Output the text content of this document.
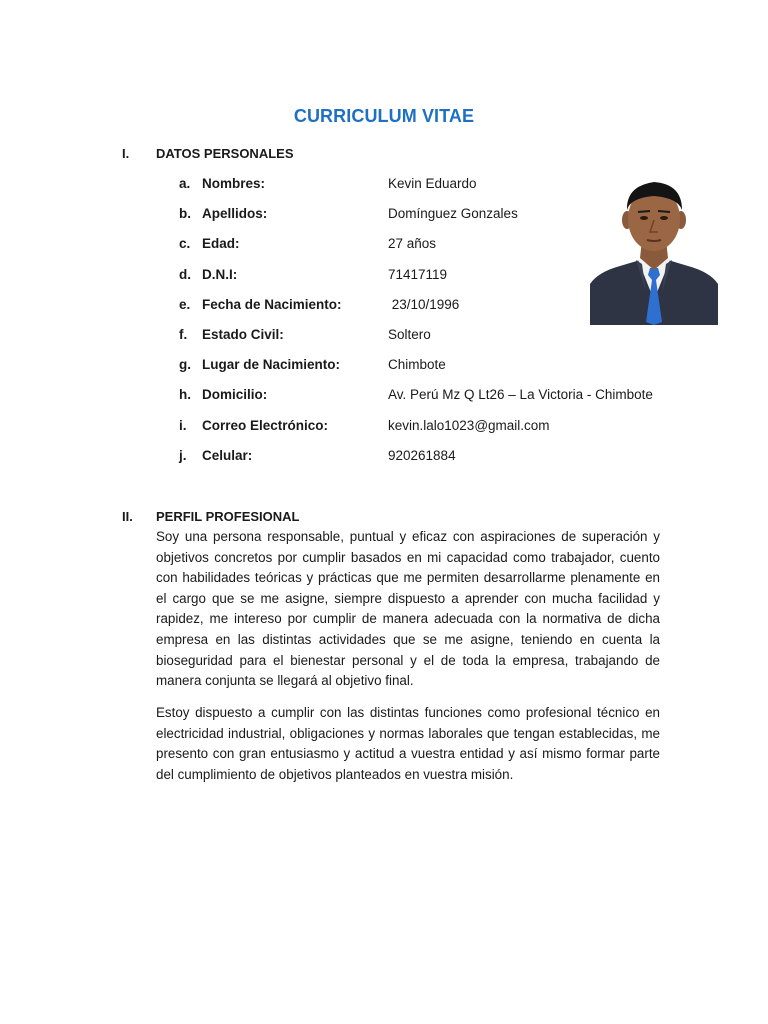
CURRICULUM VITAE
I. DATOS PERSONALES
a. Nombres:	Kevin Eduardo
b. Apellidos:	Domínguez Gonzales
c. Edad:	27 años
d. D.N.I:	71417119
e. Fecha de Nacimiento:	23/10/1996
f. Estado Civil:	Soltero
g. Lugar de Nacimiento:	Chimbote
h. Domicilio:	Av. Perú Mz Q Lt26 – La Victoria - Chimbote
i. Correo Electrónico:	kevin.lalo1023@gmail.com
j. Celular:	920261884
II. PERFIL PROFESIONAL

Soy una persona responsable, puntual y eficaz con aspiraciones de superación y objetivos concretos por cumplir basados en mi capacidad como trabajador, cuento con habilidades teóricas y prácticas que me permiten desarrollarme plenamente en el cargo que se me asigne, siempre dispuesto a aprender con mucha facilidad y rapidez, me intereso por cumplir de manera adecuada con la normativa de dicha empresa en las distintas actividades que se me asigne, teniendo en cuenta la bioseguridad para el bienestar personal y el de toda la empresa, trabajando de manera conjunta se llegará al objetivo final.

Estoy dispuesto a cumplir con las distintas funciones como profesional técnico en electricidad industrial, obligaciones y normas laborales que tengan establecidas, me presento con gran entusiasmo y actitud a vuestra entidad y así mismo formar parte del cumplimiento de objetivos planteados en vuestra misión.
